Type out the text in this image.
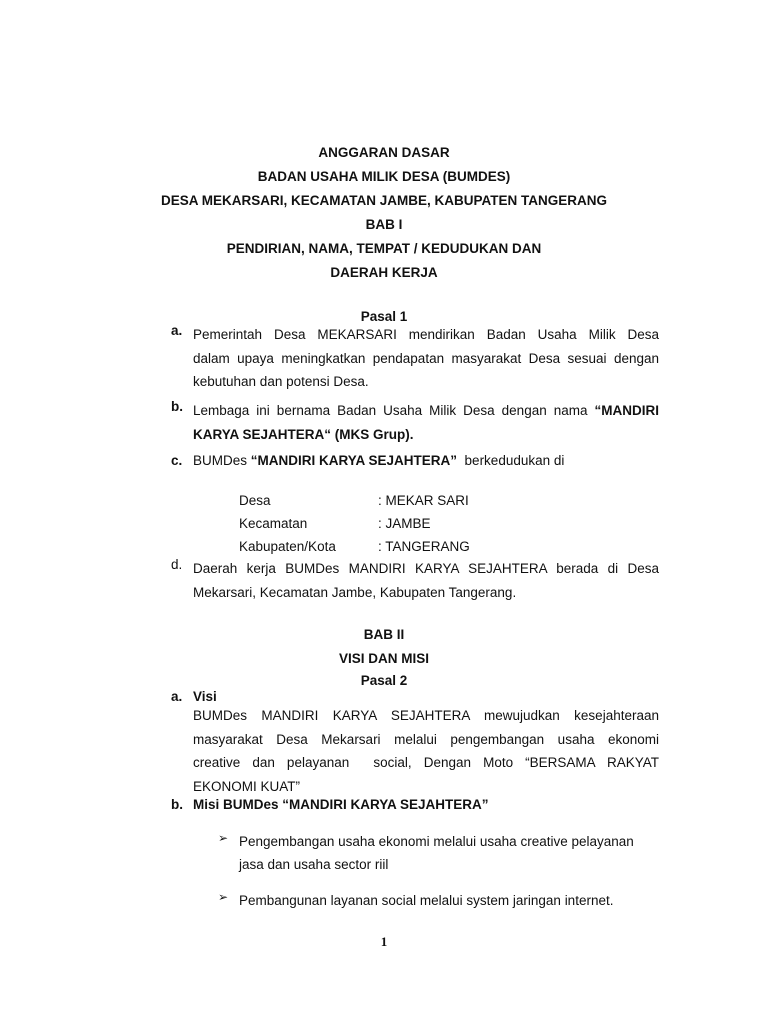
ANGGARAN DASAR
BADAN USAHA MILIK DESA (BUMDES)
DESA MEKARSARI, KECAMATAN JAMBE, KABUPATEN TANGERANG
BAB I
PENDIRIAN, NAMA, TEMPAT / KEDUDUKAN DAN
DAERAH KERJA
Pasal 1
a. Pemerintah Desa MEKARSARI mendirikan Badan Usaha Milik Desa

dalam upaya meningkatkan pendapatan masyarakat Desa sesuai dengan

kebutuhan dan potensi Desa.

b. Lembaga ini bernama Badan Usaha Milik Desa dengan nama “MANDIRI

KARYA SEJAHTERA“ (MKS Grup).

c. BUMDes “MANDIRI KARYA SEJAHTERA”  berkedudukan di
Desa	: MEKAR SARI
Kecamatan	: JAMBE
Kabupaten/Kota	: TANGERANG
d. Daerah kerja BUMDes MANDIRI KARYA SEJAHTERA berada di Desa

Mekarsari, Kecamatan Jambe, Kabupaten Tangerang.

BAB II
VISI DAN MISI
Pasal 2
a. Visi

BUMDes MANDIRI KARYA SEJAHTERA mewujudkan kesejahteraan

masyarakat Desa Mekarsari melalui pengembangan usaha ekonomi

creative dan pelayanan  social, Dengan Moto “BERSAMA RAKYAT

EKONOMI KUAT”

b. Misi BUMDes “MANDIRI KARYA SEJAHTERA”
➢ Pengembangan usaha ekonomi melalui usaha creative pelayanan
jasa dan usaha sector riil
➢ Pembangunan layanan social melalui system jaringan internet.
1
